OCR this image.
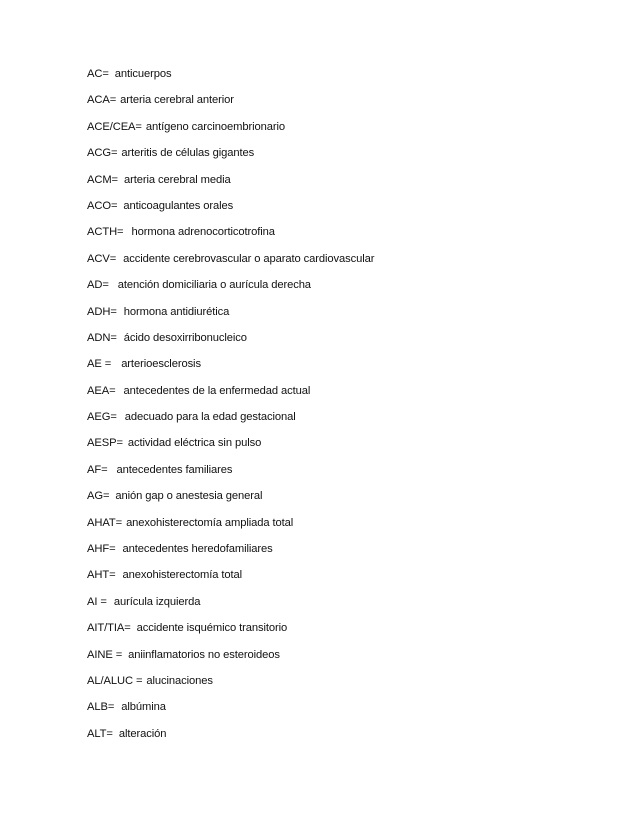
AC= anticuerpos
ACA= arteria cerebral anterior
ACE/CEA= antígeno carcinoembrionario
ACG= arteritis de células gigantes
ACM= arteria cerebral media
ACO= anticoagulantes orales
ACTH= hormona adrenocorticotrofina
ACV= accidente cerebrovascular o aparato cardiovascular
AD= atención domiciliaria o aurícula derecha
ADH= hormona antidiurética
ADN= ácido desoxirribonucleico
AE = arterioesclerosis
AEA= antecedentes de la enfermedad actual
AEG= adecuado para la edad gestacional
AESP= actividad eléctrica sin pulso
AF= antecedentes familiares
AG= anión gap o anestesia general
AHAT= anexohisterectomía ampliada total
AHF= antecedentes heredofamiliares
AHT= anexohisterectomía total
AI = aurícula izquierda
AIT/TIA= accidente isquémico transitorio
AINE = aniinflamatorios no esteroideos
AL/ALUC = alucinaciones
ALB= albúmina
ALT= alteración
